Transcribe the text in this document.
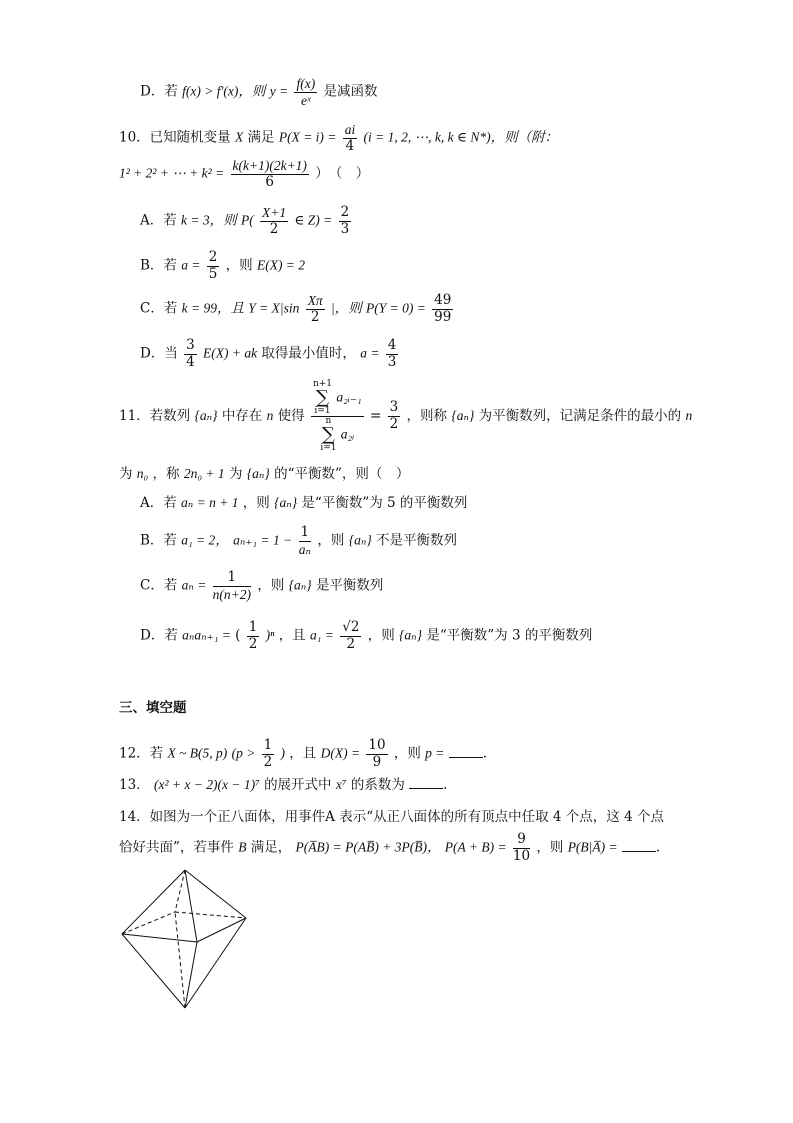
D．若 f(x) > f′(x)，则 $y = \frac{f(x)}{\text{eˣ}}$ 是减函数
10．已知随机变量 X 满足 $P(X = i) = \frac{ai}{4} (i = 1$, 2, ⋯, k, k ∈ N*)，则（附：
1² + 2² + ⋯ + $k^2 = \frac{k(k+1)(2k+1)}{6}$ ）　（　）
A．若 k = 3，则 $P( \frac{X+1}{2}$ ∈ $Z) = \frac{2}{3}$
B．若 $a = \frac{2}{5}$ ，则 E(X) = 2
C．若 k = 99，且 $Y = X|\sin \frac{X\pi}{2}$ |，则 $P(Y = 0) = \frac{49}{99}$
D．当 $\frac{3}{4} E(X)$ + ak 取得最小值时， $a = \frac{4}{3}$
11．若数列 {aₙ} 中存在 n 使得 n+1
∑
i=1 a₂ᵢ₋₁
n
∑
i=1 a₂ᵢ = $\frac{3}{2}$ ，则称 {aₙ} 为平衡数列，记满足条件的最小的 n
为 n₀ ，称 2n₀ + 1 为 {aₙ} 的“平衡数”，则（　）
A．若 aₙ = n + 1 ，则 {aₙ} 是“平衡数”为 5 的平衡数列
B．若 a₁ = 2， $a_{n+1} = 1 - \frac{1}{\text{aₙ}}$ ，则 {aₙ} 不是平衡数列
C．若 $a_n = \frac{1}{n(n+2)}$ ，则 {aₙ} 是平衡数列
D．若 aₙaₙ₊₁ = ( $\frac{1}{2} )^n$ ，且 $a_1 = \frac{√2}{2}$ ，则 {aₙ} 是“平衡数”为 3 的平衡数列
三、填空题
12．若 X ~ B(5, p) ($p > \frac{1}{2}$ ) ，且 $D(X) = \frac{10}{9}$ ，则 p =	.
13． (x² + x − 2)(x − 1)⁷ 的展开式中 x⁷ 的系数为	.
14．如图为一个正八面体，用事件A 表示“从正八面体的所有顶点中任取 4 个点，这 4 个点
恰好共面”，若事件 B 满足， P(A̅B) = P(AB̅) + 3P(B̅)， $P(A + B) = \frac{9}{10}$ ，则 P(B|A̅) =	.
